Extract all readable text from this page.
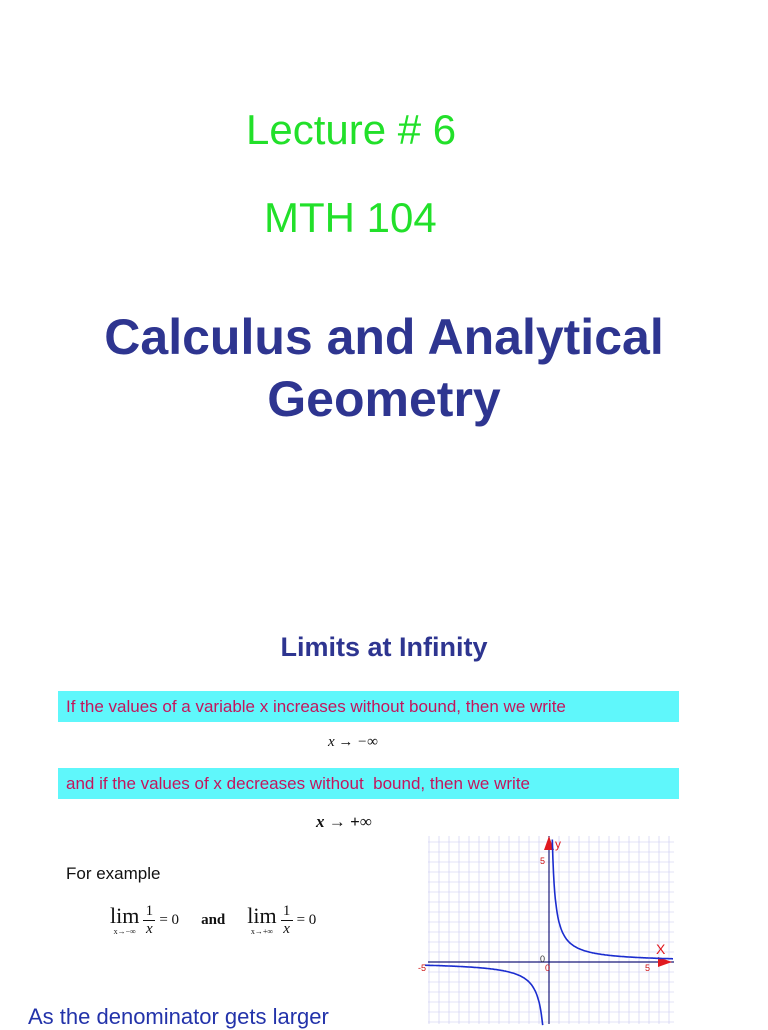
Lecture # 6
MTH 104
Calculus and Analytical
Geometry
Limits at Infinity
If the values of a variable x increases without bound, then we write
x → −∞
and if the values of x decreases without  bound, then we write
x → +∞
For example
lim
$x\to-\infty \frac{1}{x} = 0$ and lim
$x\to+\infty \frac{1}{x} = 0$
As the denominator gets larger
y
X
5
0
-5	0	5
